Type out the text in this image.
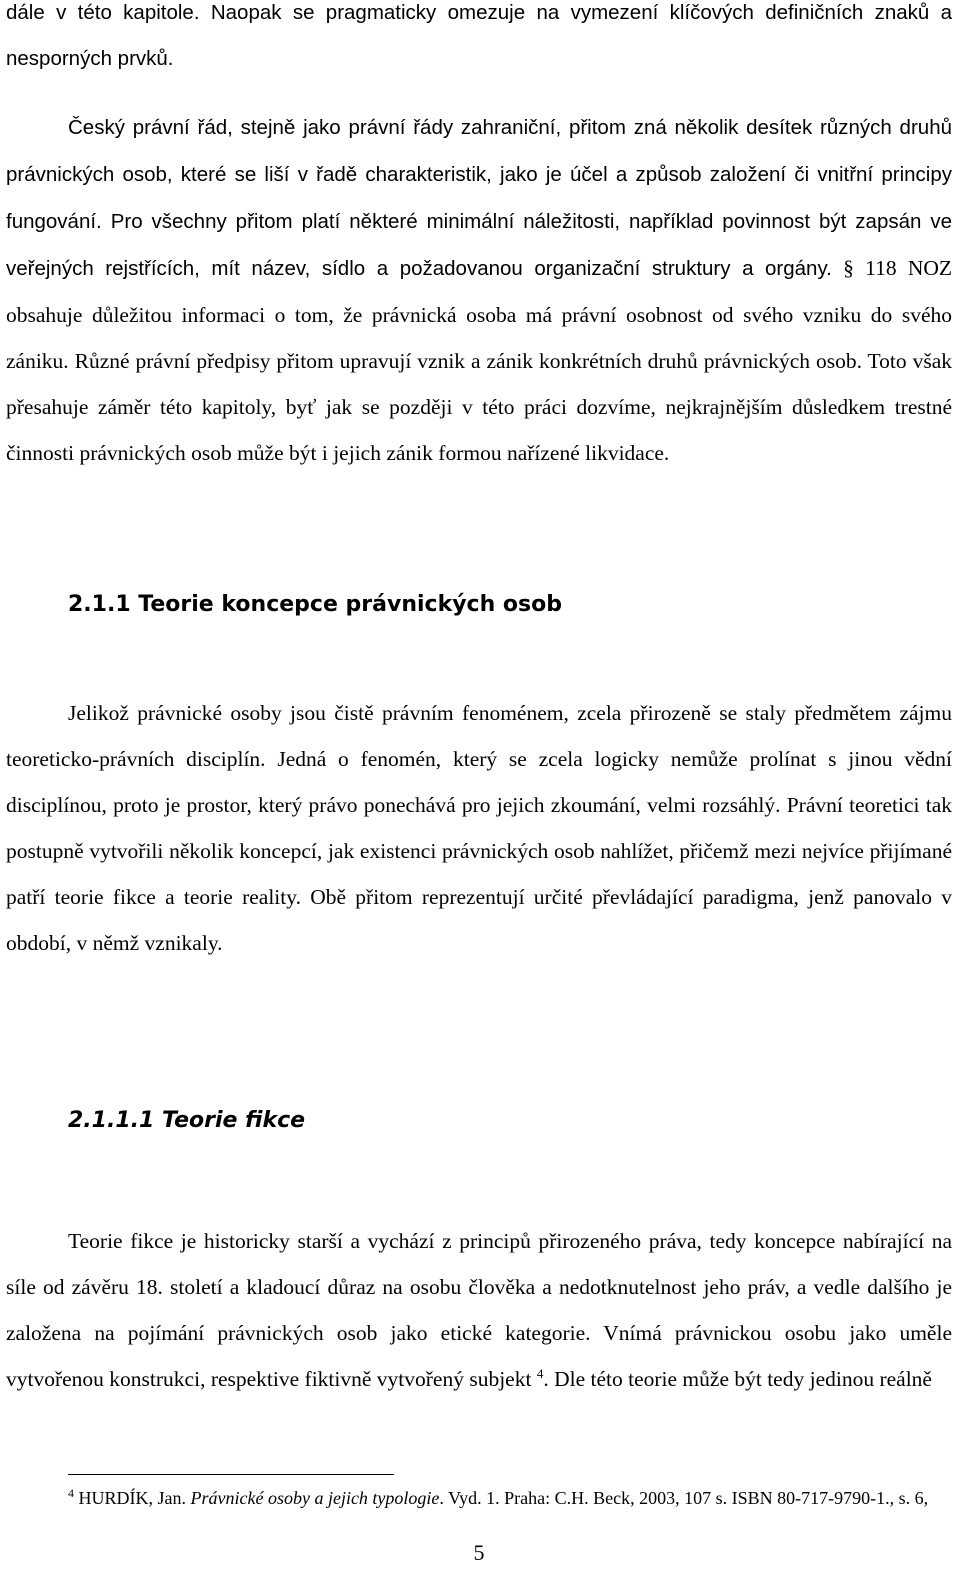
dále v této kapitole. Naopak se pragmaticky omezuje na vymezení klíčových definičních znaků a nesporných prvků.

Český právní řád, stejně jako právní řády zahraniční, přitom zná několik desítek různých druhů právnických osob, které se liší v řadě charakteristik, jako je účel a způsob založení či vnitřní principy fungování. Pro všechny přitom platí některé minimální náležitosti, například povinnost být zapsán ve veřejných rejstřících, mít název, sídlo a požadovanou organizační struktury a orgány. § 118 NOZ obsahuje důležitou informaci o tom, že právnická osoba má právní osobnost od svého vzniku do svého zániku. Různé právní předpisy přitom upravují vznik a zánik konkrétních druhů právnických osob. Toto však přesahuje záměr této kapitoly, byť jak se později v této práci dozvíme, nejkrajnějším důsledkem trestné činnosti právnických osob může být i jejich zánik formou nařízené likvidace.

2.1.1 Teorie koncepce právnických osob

Jelikož právnické osoby jsou čistě právním fenoménem, zcela přirozeně se staly předmětem zájmu teoreticko-právních disciplín. Jedná o fenomén, který se zcela logicky nemůže prolínat s jinou vědní disciplínou, proto je prostor, který právo ponechává pro jejich zkoumání, velmi rozsáhlý. Právní teoretici tak postupně vytvořili několik koncepcí, jak existenci právnických osob nahlížet, přičemž mezi nejvíce přijímané patří teorie fikce a teorie reality. Obě přitom reprezentují určité převládající paradigma, jenž panovalo v období, v němž vznikaly.

2.1.1.1 Teorie fikce

Teorie fikce je historicky starší a vychází z principů přirozeného práva, tedy koncepce nabírající na síle od závěru 18. století a kladoucí důraz na osobu člověka a nedotknutelnost jeho práv, a vedle dalšího je založena na pojímání právnických osob jako etické kategorie. Vnímá právnickou osobu jako uměle vytvořenou konstrukci, respektive fiktivně vytvořený subjekt $^4$. Dle této teorie může být tedy jedinou reálně

$^4$ HURDÍK, Jan. Právnické osoby a jejich typologie. Vyd. 1. Praha: C.H. Beck, 2003, 107 s. ISBN 80-717-9790-1., s. 6,

5
